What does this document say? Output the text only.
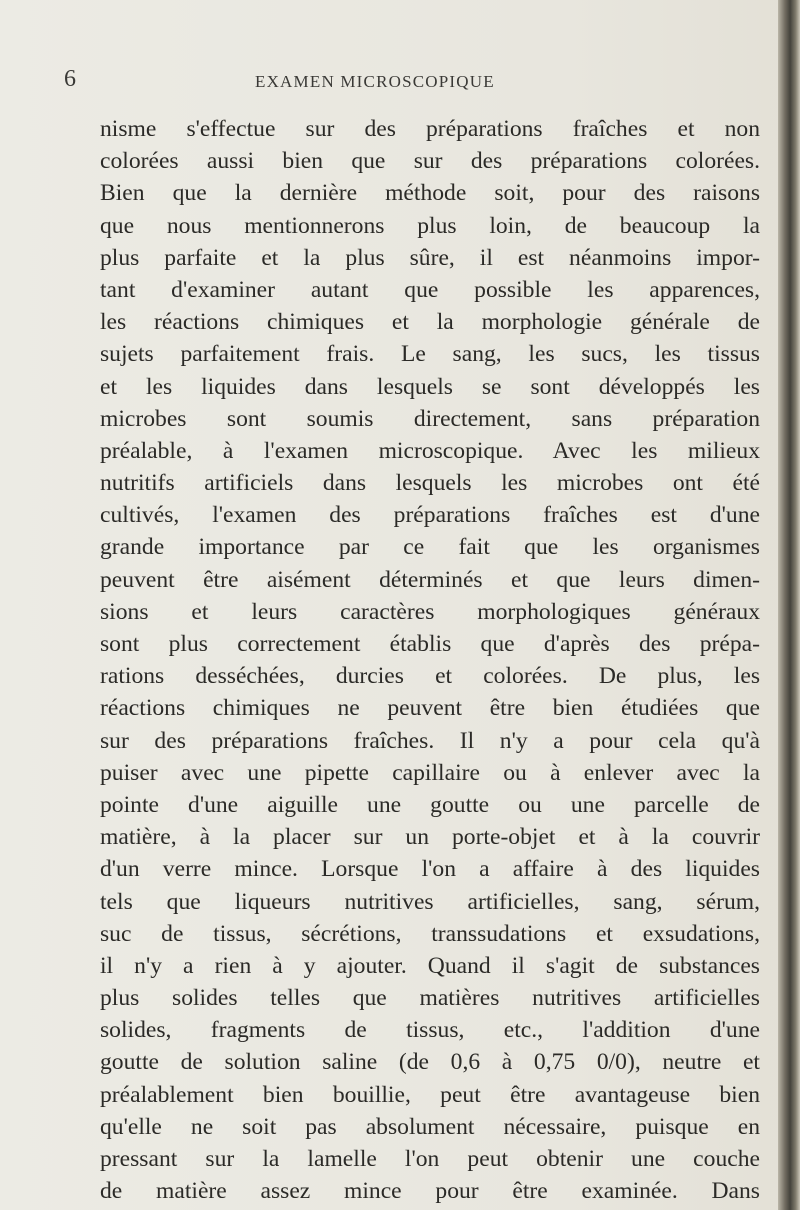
6	EXAMEN MICROSCOPIQUE
nisme s'effectue sur des préparations fraîches et non
colorées aussi bien que sur des préparations colorées.
Bien que la dernière méthode soit, pour des raisons
que nous mentionnerons plus loin, de beaucoup la
plus parfaite et la plus sûre, il est néanmoins impor-
tant d'examiner autant que possible les apparences,
les réactions chimiques et la morphologie générale de
sujets parfaitement frais. Le sang, les sucs, les tissus
et les liquides dans lesquels se sont développés les
microbes sont soumis directement, sans préparation
préalable, à l'examen microscopique. Avec les milieux
nutritifs artificiels dans lesquels les microbes ont été
cultivés, l'examen des préparations fraîches est d'une
grande importance par ce fait que les organismes
peuvent être aisément déterminés et que leurs dimen-
sions et leurs caractères morphologiques généraux
sont plus correctement établis que d'après des prépa-
rations desséchées, durcies et colorées. De plus, les
réactions chimiques ne peuvent être bien étudiées que
sur des préparations fraîches. Il n'y a pour cela qu'à
puiser avec une pipette capillaire ou à enlever avec la
pointe d'une aiguille une goutte ou une parcelle de
matière, à la placer sur un porte-objet et à la couvrir
d'un verre mince. Lorsque l'on a affaire à des liquides
tels que liqueurs nutritives artificielles, sang, sérum,
suc de tissus, sécrétions, transsudations et exsudations,
il n'y a rien à y ajouter. Quand il s'agit de substances
plus solides telles que matières nutritives artificielles
solides, fragments de tissus, etc., l'addition d'une
goutte de solution saline (de 0,6 à 0,75 0/0), neutre et
préalablement bien bouillie, peut être avantageuse bien
qu'elle ne soit pas absolument nécessaire, puisque en
pressant sur la lamelle l'on peut obtenir une couche
de matière assez mince pour être examinée. Dans
